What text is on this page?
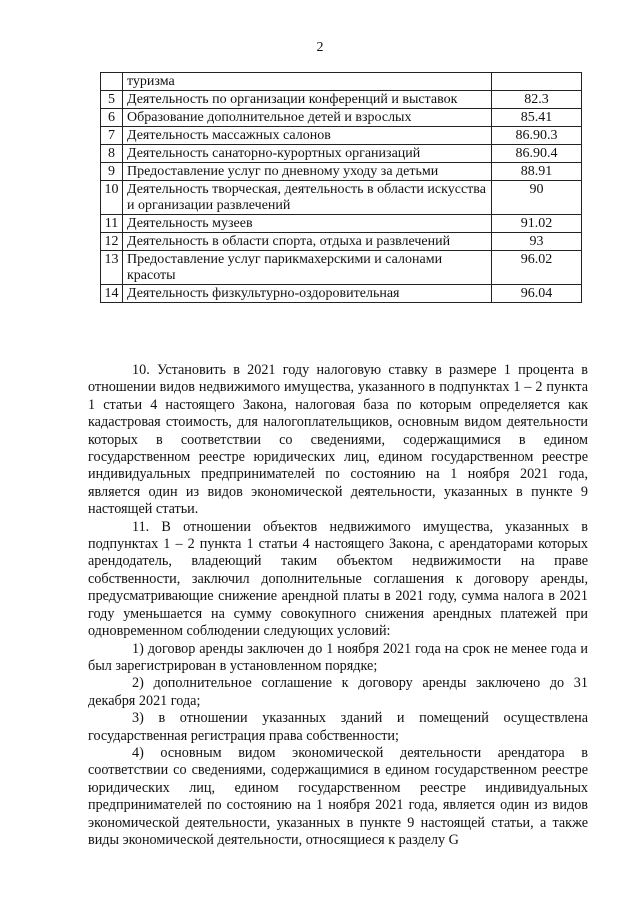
2
	туризма	
5	Деятельность по организации конференций и выставок	82.3
6	Образование дополнительное детей и взрослых	85.41
7	Деятельность массажных салонов	86.90.3
8	Деятельность санаторно-курортных организаций	86.90.4
9	Предоставление услуг по дневному уходу за детьми	88.91
10	Деятельность творческая, деятельность в области искусства и организации развлечений	90
11	Деятельность музеев	91.02
12	Деятельность в области спорта, отдыха и развлечений	93
13	Предоставление услуг парикмахерскими и салонами красоты	96.02
14	Деятельность физкультурно-оздоровительная	96.04

10. Установить в 2021 году налоговую ставку в размере 1 процента в отношении видов недвижимого имущества, указанного в подпунктах 1 – 2 пункта 1 статьи 4 настоящего Закона, налоговая база по которым определяется как кадастровая стоимость, для налогоплательщиков, основным видом деятельности которых в соответствии со сведениями, содержащимися в едином государственном реестре юридических лиц, едином государственном реестре индивидуальных предпринимателей по состоянию на 1 ноября 2021 года, является один из видов экономической деятельности, указанных в пункте 9 настоящей статьи.

11. В отношении объектов недвижимого имущества, указанных в подпунктах 1 – 2 пункта 1 статьи 4 настоящего Закона, с арендаторами которых арендодатель, владеющий таким объектом недвижимости на праве собственности, заключил дополнительные соглашения к договору аренды, предусматривающие снижение арендной платы в 2021 году, сумма налога в 2021 году уменьшается на сумму совокупного снижения арендных платежей при одновременном соблюдении следующих условий:

1) договор аренды заключен до 1 ноября 2021 года на срок не менее года и был зарегистрирован в установленном порядке;

2) дополнительное соглашение к договору аренды заключено до 31 декабря 2021 года;

3) в отношении указанных зданий и помещений осуществлена государственная регистрация права собственности;

4) основным видом экономической деятельности арендатора в соответствии со сведениями, содержащимися в едином государственном реестре юридических лиц, едином государственном реестре индивидуальных предпринимателей по состоянию на 1 ноября 2021 года, является один из видов экономической деятельности, указанных в пункте 9 настоящей статьи, а также виды экономической деятельности, относящиеся к разделу G
